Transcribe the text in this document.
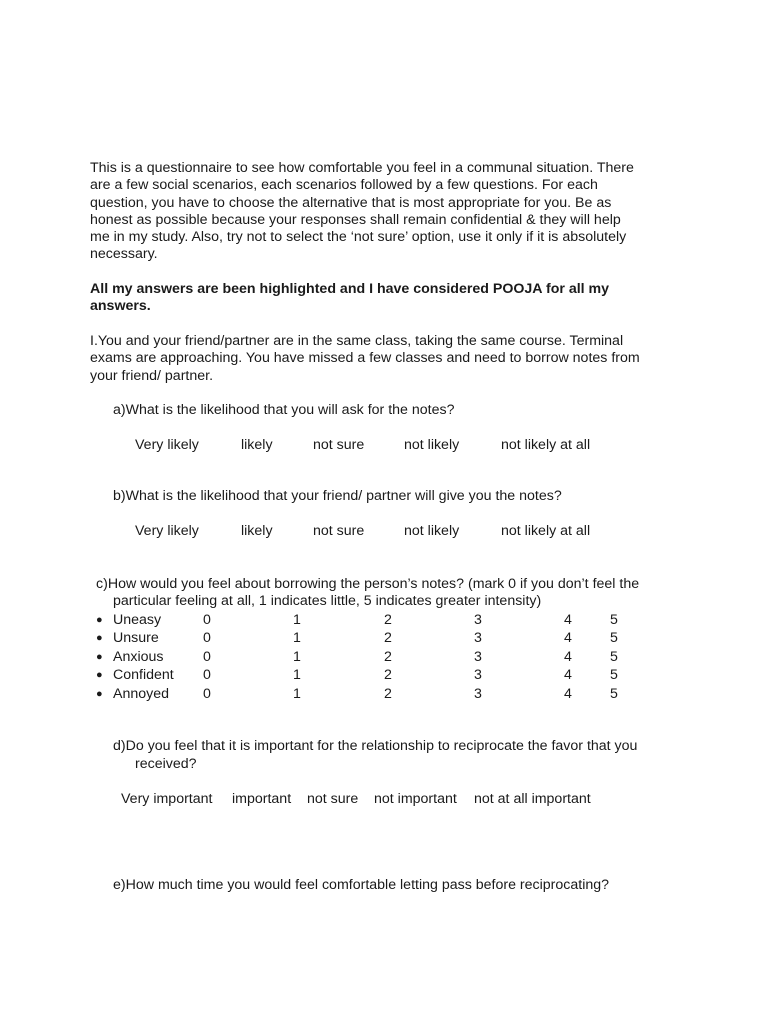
This is a questionnaire to see how comfortable you feel in a communal situation. There
are a few social scenarios, each scenarios followed by a few questions. For each
question, you have to choose the alternative that is most appropriate for you. Be as
honest as possible because your responses shall remain confidential & they will help
me in my study. Also, try not to select the ‘not sure’ option, use it only if it is absolutely
necessary.
All my answers are been highlighted and I have considered POOJA for all my
answers.
I.You and your friend/partner are in the same class, taking the same course. Terminal
exams are approaching. You have missed a few classes and need to borrow notes from
your friend/ partner.
a)What is the likelihood that you will ask for the notes?
Very likely	likely	not sure	not likely	not likely at all
b)What is the likelihood that your friend/ partner will give you the notes?
Very likely	likely	not sure	not likely	not likely at all
c)How would you feel about borrowing the person’s notes? (mark 0 if you don’t feel the
particular feeling at all, 1 indicates little, 5 indicates greater intensity)
● Uneasy	0	1	2	3	4	5
● Unsure	0	1	2	3	4	5
● Anxious	0	1	2	3	4	5
● Confident 0	1	2	3	4	5
● Annoyed 0	1	2	3	4	5
d)Do you feel that it is important for the relationship to reciprocate the favor that you
received?
Very important important not sure not important not at all important
e)How much time you would feel comfortable letting pass before reciprocating?
